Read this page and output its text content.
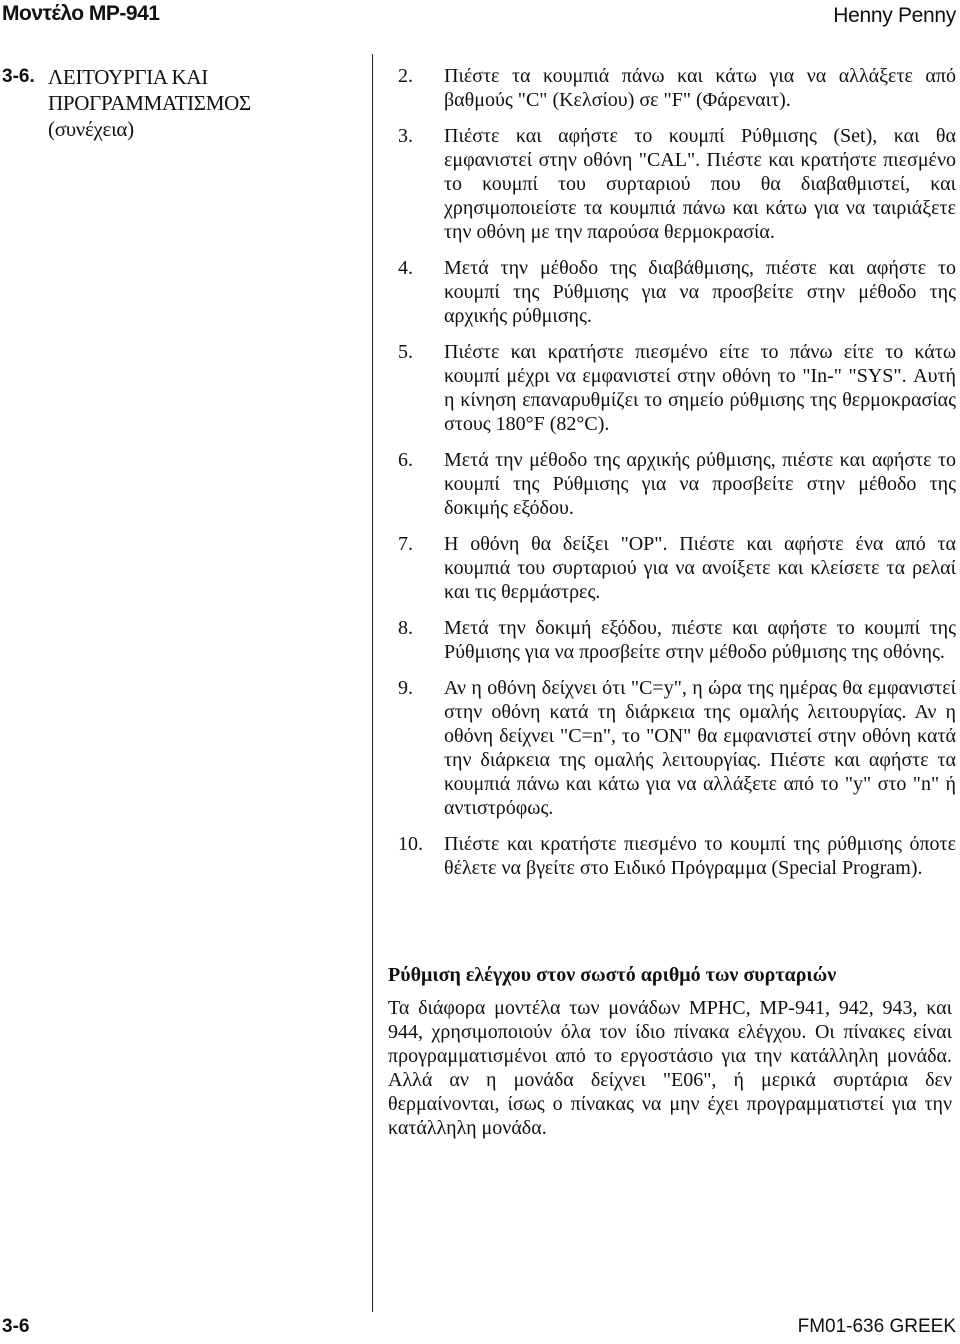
Μοντέλο MP-941	Henny Penny
3-6. ΛΕΙΤΟΥΡΓΙΑ ΚΑΙ
ΠΡΟΓΡΑΜΜΑΤΙΣΜΟΣ
(συνέχεια)
2.	Πιέστε τα κουμπιά πάνω και κάτω για να αλλάξετε από βαθμούς "C" (Κελσίου) σε "F" (Φάρεναιτ).
3.	Πιέστε και αφήστε το κουμπί Ρύθμισης (Set), και θα εμφανιστεί στην οθόνη "CAL". Πιέστε και κρατήστε πιεσμένο το κουμπί του συρταριού που θα διαβαθμιστεί, και χρησιμοποιείστε τα κουμπιά πάνω και κάτω για να ταιριάξετε την οθόνη με την παρούσα θερμοκρασία.
4.	Μετά την μέθοδο της διαβάθμισης, πιέστε και αφήστε το κουμπί της Ρύθμισης για να προσβείτε στην μέθοδο της αρχικής ρύθμισης.
5.	Πιέστε και κρατήστε πιεσμένο είτε το πάνω είτε το κάτω κουμπί μέχρι να εμφανιστεί στην οθόνη το "In-" "SYS". Αυτή η κίνηση επαναρυθμίζει το σημείο ρύθμισης της θερμοκρασίας στους 180°F (82°C).
6.	Μετά την μέθοδο της αρχικής ρύθμισης, πιέστε και αφήστε το κουμπί της Ρύθμισης για να προσβείτε στην μέθοδο της δοκιμής εξόδου.
7.	Η οθόνη θα δείξει "OP". Πιέστε και αφήστε ένα από τα κουμπιά του συρταριού για να ανοίξετε και κλείσετε τα ρελαί και τις θερμάστρες.
8.	Μετά την δοκιμή εξόδου, πιέστε και αφήστε το κουμπί της Ρύθμισης για να προσβείτε στην μέθοδο ρύθμισης της οθόνης.
9.	Αν η οθόνη δείχνει ότι "C=y", η ώρα της ημέρας θα εμφανιστεί στην οθόνη κατά τη διάρκεια της ομαλής λειτουργίας. Αν η οθόνη δείχνει "C=n", το "ON" θα εμφανιστεί στην οθόνη κατά την διάρκεια της ομαλής λειτουργίας. Πιέστε και αφήστε τα κουμπιά πάνω και κάτω για να αλλάξετε από το "y" στο "n" ή αντιστρόφως.
10.	Πιέστε και κρατήστε πιεσμένο το κουμπί της ρύθμισης όποτε θέλετε να βγείτε στο Ειδικό Πρόγραμμα (Special Program).
Ρύθμιση ελέγχου στον σωστό αριθμό των συρταριών

Τα διάφορα μοντέλα των μονάδων MPHC, MP-941, 942, 943, και 944, χρησιμοποιούν όλα τον ίδιο πίνακα ελέγχου. Οι πίνακες είναι προγραμματισμένοι από το εργοστάσιο για την κατάλληλη μονάδα. Αλλά αν η μονάδα δείχνει "E06", ή μερικά συρτάρια δεν θερμαίνονται, ίσως ο πίνακας να μην έχει προγραμματιστεί για την κατάλληλη μονάδα.

3-6	FM01-636 GREEK
